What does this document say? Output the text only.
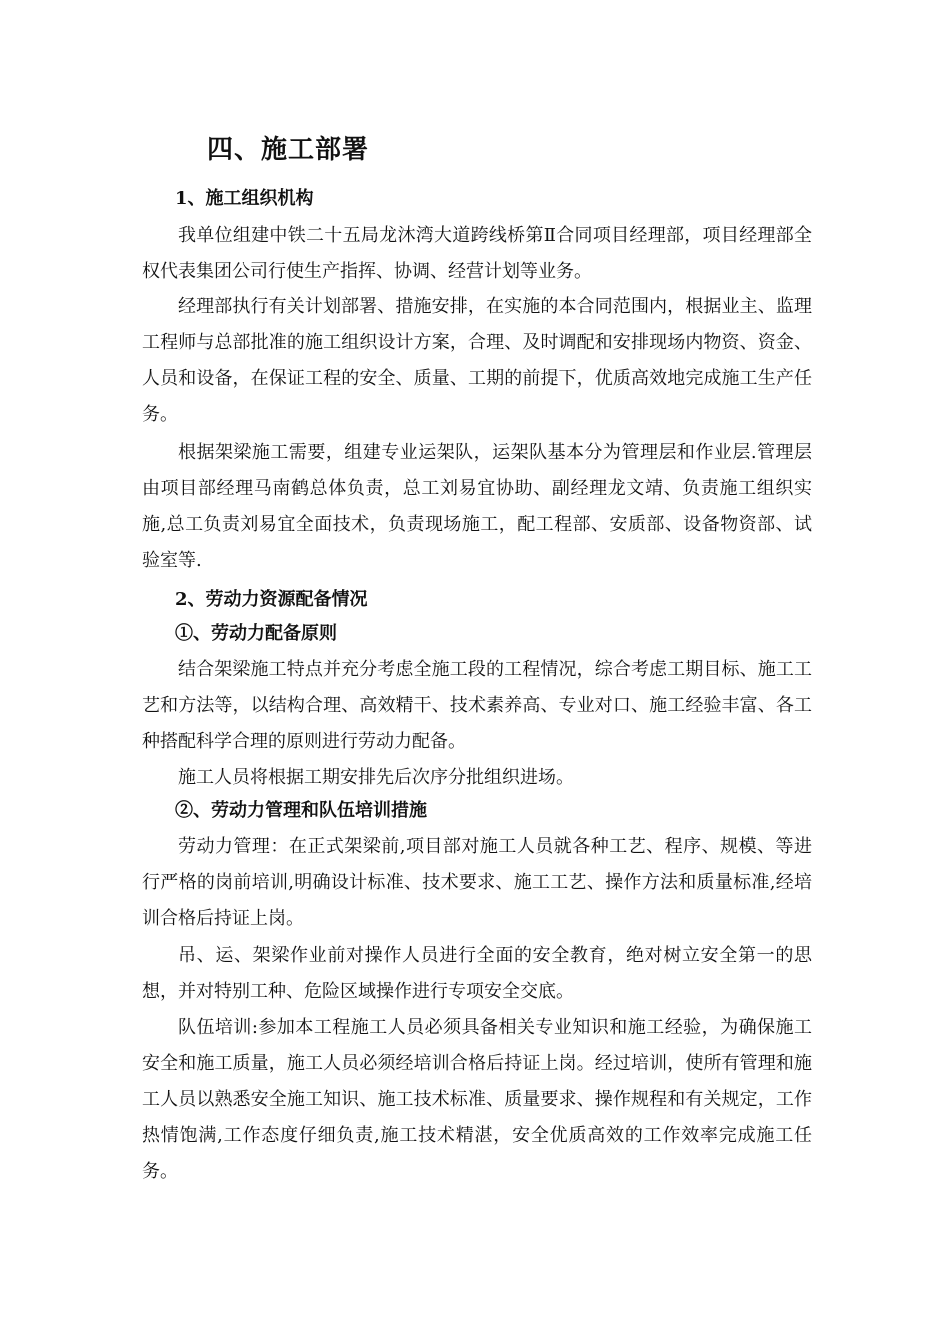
四、施工部署
1、施工组织机构
我单位组建中铁二十五局龙沐湾大道跨线桥第Ⅱ合同项目经理部，项目经理部全权代表集团公司行使生产指挥、协调、经营计划等业务。
经理部执行有关计划部署、措施安排，在实施的本合同范围内，根据业主、监理工程师与总部批准的施工组织设计方案，合理、及时调配和安排现场内物资、资金、人员和设备，在保证工程的安全、质量、工期的前提下，优质高效地完成施工生产任务。
根据架梁施工需要，组建专业运架队，运架队基本分为管理层和作业层.管理层由项目部经理马南鹤总体负责，总工刘易宜协助、副经理龙文靖、负责施工组织实施,总工负责刘易宜全面技术，负责现场施工，配工程部、安质部、设备物资部、试验室等.
2、劳动力资源配备情况
①、劳动力配备原则
结合架梁施工特点并充分考虑全施工段的工程情况，综合考虑工期目标、施工工艺和方法等，以结构合理、高效精干、技术素养高、专业对口、施工经验丰富、各工种搭配科学合理的原则进行劳动力配备。
施工人员将根据工期安排先后次序分批组织进场。
②、劳动力管理和队伍培训措施
劳动力管理：在正式架梁前,项目部对施工人员就各种工艺、程序、规模、等进行严格的岗前培训,明确设计标准、技术要求、施工工艺、操作方法和质量标准,经培训合格后持证上岗。
吊、运、架梁作业前对操作人员进行全面的安全教育，绝对树立安全第一的思想，并对特别工种、危险区域操作进行专项安全交底。
队伍培训:参加本工程施工人员必须具备相关专业知识和施工经验，为确保施工安全和施工质量，施工人员必须经培训合格后持证上岗。经过培训，使所有管理和施工人员以熟悉安全施工知识、施工技术标准、质量要求、操作规程和有关规定，工作热情饱满,工作态度仔细负责,施工技术精湛，安全优质高效的工作效率完成施工任务。
